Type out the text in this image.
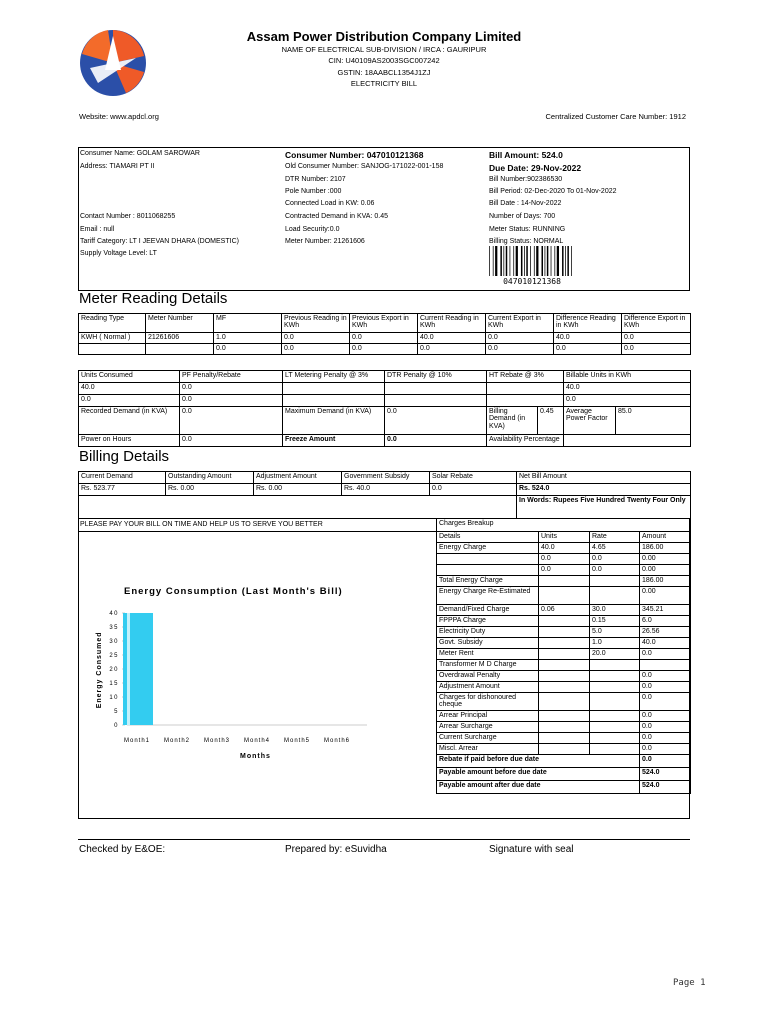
Assam Power Distribution Company Limited
NAME OF ELECTRICAL SUB-DIVISION / IRCA : GAURIPUR
CIN: U40109AS2003SGC007242
GSTIN: 18AABCL1354J1ZJ
ELECTRICITY BILL
Website: www.apdcl.org	Centralized Customer Care Number: 1912
Consumer Name: GOLAM SAROWAR
Address: TIAMARI PT II
Contact Number : 8011068255
Email : null
Tariff Category: LT I JEEVAN DHARA (DOMESTIC)
Supply Voltage Level: LT
Consumer Number: 047010121368
Old Consumer Number: SANJOG-171022-001-158
DTR Number: 2107
Pole Number :000
Connected Load in KW: 0.06
Contracted Demand in KVA: 0.45
Load Security:0.0
Meter Number: 21261606
Bill Amount: 524.0
Due Date: 29-Nov-2022
Bill Number:902386530
Bill Period: 02-Dec-2020 To 01-Nov-2022
Bill Date : 14-Nov-2022
Number of Days: 700
Meter Status: RUNNING
Billing Status: NORMAL
047010121368
Meter Reading Details
Reading Type	Meter Number	MF	Previous Reading in KWh	Previous Export in KWh	Current Reading in KWh	Current Export in KWh	Difference Reading in KWh	Difference Export in KWh
KWH ( Normal )	21261606	1.0	0.0	0.0	40.0	0.0	40.0	0.0
		0.0	0.0	0.0	0.0	0.0	0.0	0.0
Units Consumed	PF Penalty/Rebate	LT Metering Penalty @ 3%	DTR Penalty @ 10%	HT Rebate @ 3%		Billable Units in KWh	
40.0	0.0					40.0	
0.0	0.0					0.0	
Recorded Demand (in KVA)	0.0	Maximum Demand (in KVA)	0.0	Billing Demand (in KVA)	0.45	Average Power Factor	85.0
Power on Hours	0.0	Freeze Amount	0.0	Availability Percentage			
Billing Details
Current Demand	Outstanding Amount	Adjustment Amount	Government Subsidy	Solar Rebate	Net Bill Amount
Rs. 523.77	Rs. 0.00	Rs. 0.00	Rs. 40.0	0.0	Rs. 524.0
					In Words: Rupees Five Hundred Twenty Four Only
PLEASE PAY YOUR BILL ON TIME AND HELP US TO SERVE YOU BETTER
Energy Consumption (Last Month's Bill)
0
5
10
15
20
25
30
35
40
Month1 Month2 Month3 Month4 Month5 Month6
Energy Consumed
Months
Charges Breakup			
Details	Units	Rate	Amount
Energy Charge	40.0	4.65	186.00
	0.0	0.0	0.00
	0.0	0.0	0.00
Total Energy Charge			186.00
Energy Charge Re-Estimated			0.00
Demand/Fixed Charge	0.06	30.0	345.21
FPPPA Charge		0.15	6.0
Electricity Duty		5.0	26.56
Govt. Subsidy		1.0	40.0
Meter Rent		20.0	0.0
Transformer M D Charge			
Overdrawal Penalty			0.0
Adjustment Amount			0.0
Charges for dishonoured cheque			0.0
Arrear Principal			0.0
Arrear Surcharge			0.0
Current Surcharge			0.0
Miscl. Arrear			0.0
Rebate if paid before due date			0.0
Payable amount before due date			524.0
Payable amount after due date			524.0
Checked by E&OE:	Prepared by: eSuvidha	Signature with seal
Page 1
